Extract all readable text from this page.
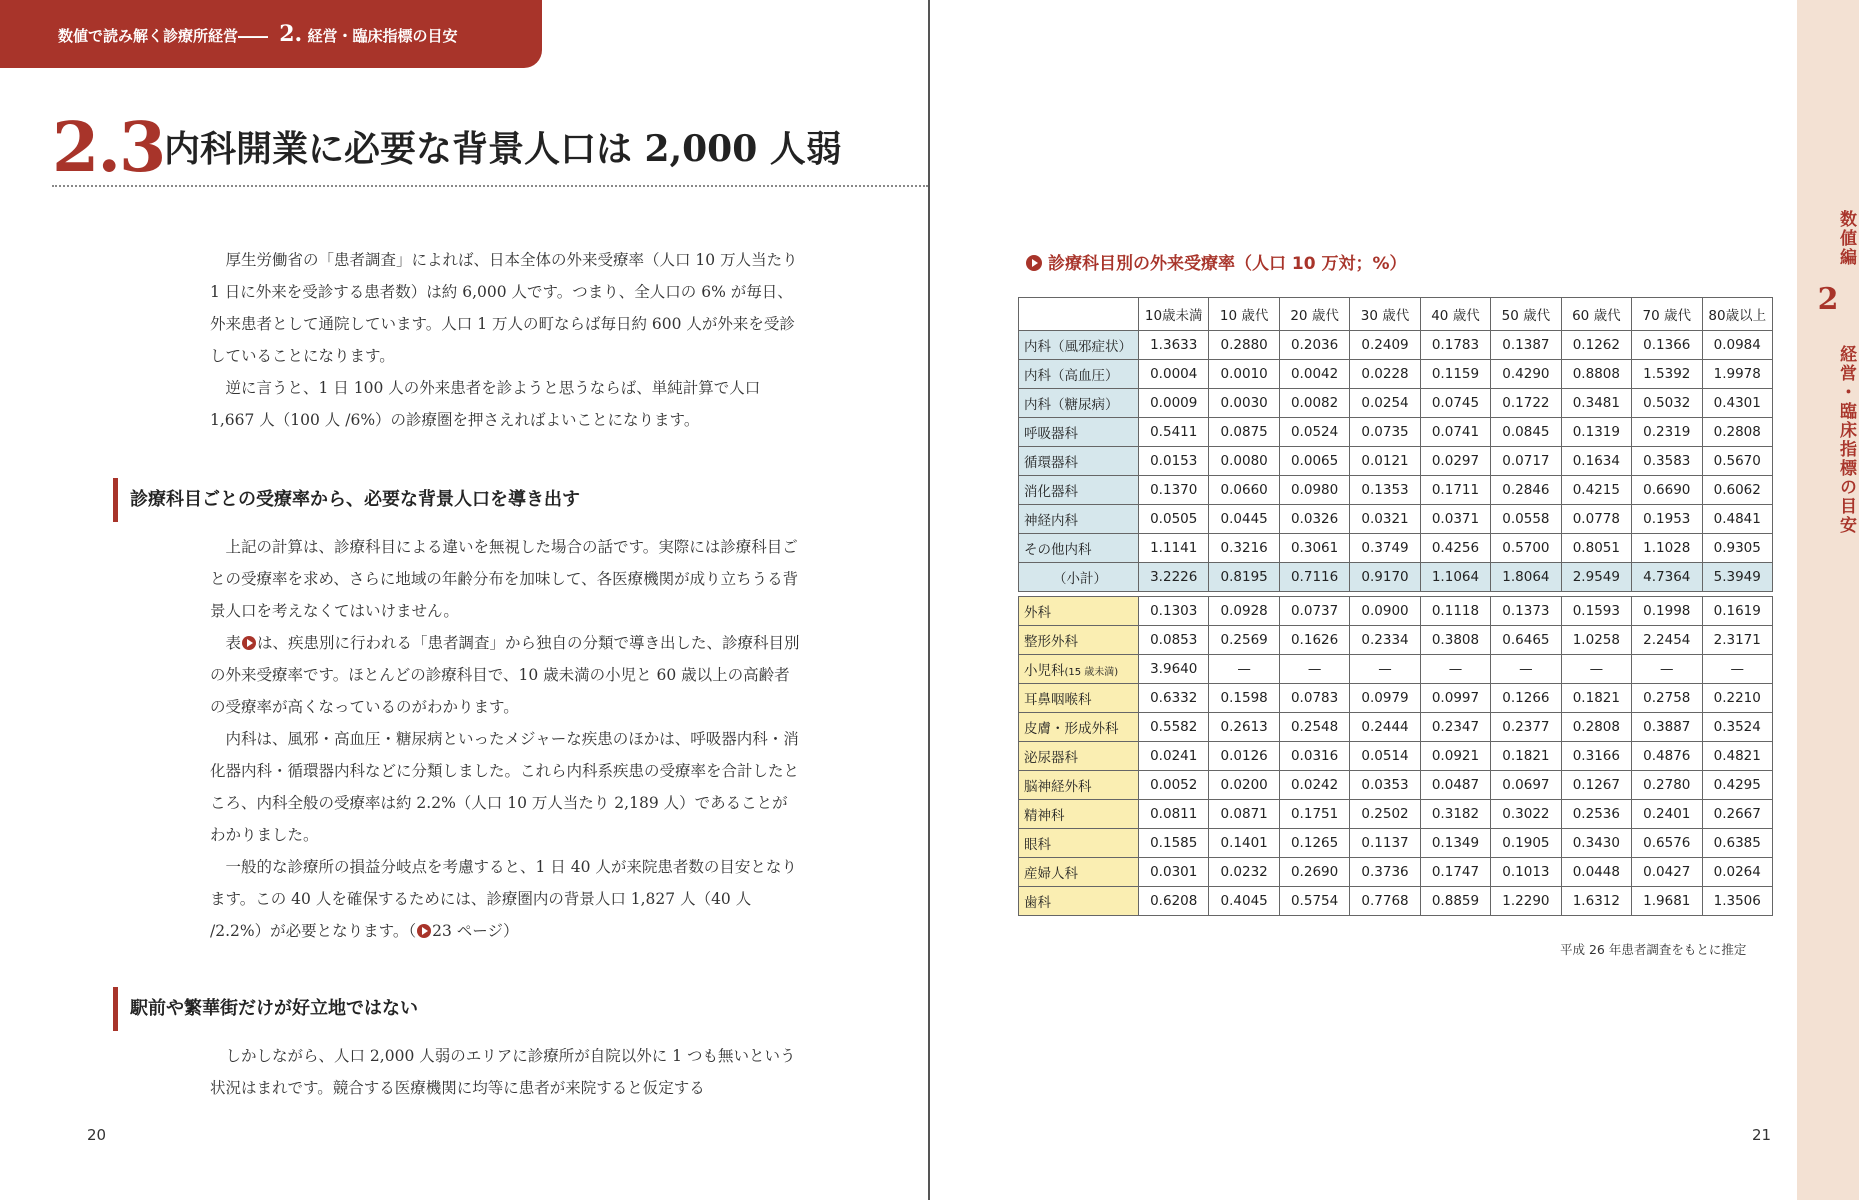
数値で読み解く診療所経営―― 2. 経営・臨床指標の目安
2.3 内科開業に必要な背景人口は 2,000 人弱

厚生労働省の「患者調査」によれば、日本全体の外来受療率（人口 10 万人当たり 1 日に外来を受診する患者数）は約 6,000 人です。つまり、全人口の 6% が毎日、外来患者として通院しています。人口 1 万人の町ならば毎日約 600 人が外来を受診していることになります。

逆に言うと、1 日 100 人の外来患者を診ようと思うならば、単純計算で人口 1,667 人（100 人 /6%）の診療圏を押さえればよいことになります。

診療科目ごとの受療率から、必要な背景人口を導き出す

上記の計算は、診療科目による違いを無視した場合の話です。実際には診療科目ごとの受療率を求め、さらに地域の年齢分布を加味して、各医療機関が成り立ちうる背景人口を考えなくてはいけません。

表 は、疾患別に行われる「患者調査」から独自の分類で導き出した、診療科目別の外来受療率です。ほとんどの診療科目で、10 歳未満の小児と 60 歳以上の高齢者の受療率が高くなっているのがわかります。

内科は、風邪・高血圧・糖尿病といったメジャーな疾患のほかは、呼吸器内科・消化器内科・循環器内科などに分類しました。これら内科系疾患の受療率を合計したところ、内科全般の受療率は約 2.2%（人口 10 万人当たり 2,189 人）であることがわかりました。

一般的な診療所の損益分岐点を考慮すると、1 日 40 人が来院患者数の目安となります。この 40 人を確保するためには、診療圏内の背景人口 1,827 人（40 人 /2.2%）が必要となります。（ 23 ページ）

駅前や繁華街だけが好立地ではない

しかしながら、人口 2,000 人弱のエリアに診療所が自院以外に 1 つも無いという状況はまれです。競合する医療機関に均等に患者が来院すると仮定する

20
診療科目別の外来受療率（人口 10 万対；%）
	10歳未満	10 歳代	20 歳代	30 歳代	40 歳代	50 歳代	60 歳代	70 歳代	80歳以上
内科（風邪症状）	1.3633	0.2880	0.2036	0.2409	0.1783	0.1387	0.1262	0.1366	0.0984
内科（高血圧）	0.0004	0.0010	0.0042	0.0228	0.1159	0.4290	0.8808	1.5392	1.9978
内科（糖尿病）	0.0009	0.0030	0.0082	0.0254	0.0745	0.1722	0.3481	0.5032	0.4301
呼吸器科	0.5411	0.0875	0.0524	0.0735	0.0741	0.0845	0.1319	0.2319	0.2808
循環器科	0.0153	0.0080	0.0065	0.0121	0.0297	0.0717	0.1634	0.3583	0.5670
消化器科	0.1370	0.0660	0.0980	0.1353	0.1711	0.2846	0.4215	0.6690	0.6062
神経内科	0.0505	0.0445	0.0326	0.0321	0.0371	0.0558	0.0778	0.1953	0.4841
その他内科	1.1141	0.3216	0.3061	0.3749	0.4256	0.5700	0.8051	1.1028	0.9305
（小計）	3.2226	0.8195	0.7116	0.9170	1.1064	1.8064	2.9549	4.7364	5.3949

外科	0.1303	0.0928	0.0737	0.0900	0.1118	0.1373	0.1593	0.1998	0.1619
整形外科	0.0853	0.2569	0.1626	0.2334	0.3808	0.6465	1.0258	2.2454	2.3171
小児科(15 歳未満)	3.9640	—	—	—	—	—	—	—	—
耳鼻咽喉科	0.6332	0.1598	0.0783	0.0979	0.0997	0.1266	0.1821	0.2758	0.2210
皮膚・形成外科	0.5582	0.2613	0.2548	0.2444	0.2347	0.2377	0.2808	0.3887	0.3524
泌尿器科	0.0241	0.0126	0.0316	0.0514	0.0921	0.1821	0.3166	0.4876	0.4821
脳神経外科	0.0052	0.0200	0.0242	0.0353	0.0487	0.0697	0.1267	0.2780	0.4295
精神科	0.0811	0.0871	0.1751	0.2502	0.3182	0.3022	0.2536	0.2401	0.2667
眼科	0.1585	0.1401	0.1265	0.1137	0.1349	0.1905	0.3430	0.6576	0.6385
産婦人科	0.0301	0.0232	0.2690	0.3736	0.1747	0.1013	0.0448	0.0427	0.0264
歯科	0.6208	0.4045	0.5754	0.7768	0.8859	1.2290	1.6312	1.9681	1.3506
平成 26 年患者調査をもとに推定
21
数値編
2
経営・臨床指標の目安
